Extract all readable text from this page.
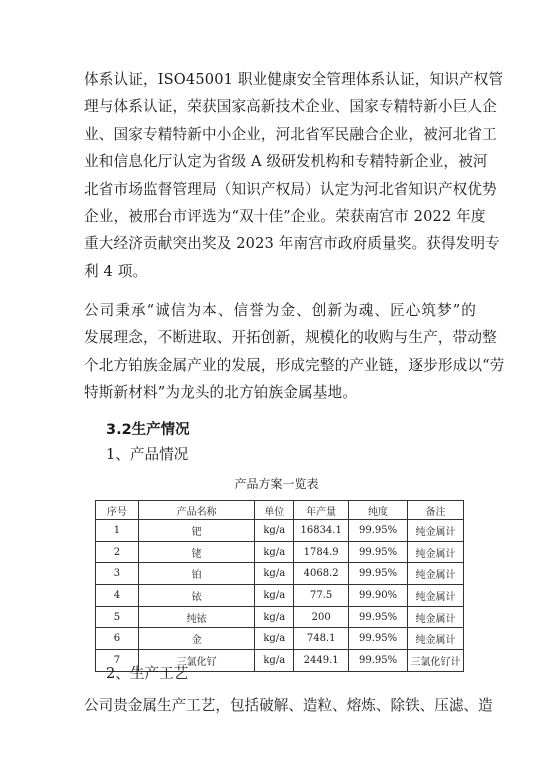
体系认证，ISO45001 职业健康安全管理体系认证，知识产权管
理与体系认证，荣获国家高新技术企业、国家专精特新小巨人企
业、国家专精特新中小企业，河北省军民融合企业，被河北省工
业和信息化厅认定为省级 A 级研发机构和专精特新企业，被河
北省市场监督管理局（知识产权局）认定为河北省知识产权优势
企业，被邢台市评选为“双十佳”企业。荣获南宫市 2022 年度
重大经济贡献突出奖及 2023 年南宫市政府质量奖。获得发明专
利 4 项。
公司秉承“诚信为本、信誉为金、创新为魂、匠心筑梦”的
发展理念，不断进取、开拓创新，规模化的收购与生产，带动整
个北方铂族金属产业的发展，形成完整的产业链，逐步形成以“劳
特斯新材料”为龙头的北方铂族金属基地。
3.2生产情况
1、产品情况
产品方案一览表
序号	产品名称	单位	年产量	纯度	备注
1	钯	kg/a	16834.1	99.95%	纯金属计
2	铑	kg/a	1784.9	99.95%	纯金属计
3	铂	kg/a	4068.2	99.95%	纯金属计
4	铱	kg/a	77.5	99.90%	纯金属计
5	纯铱	kg/a	200	99.95%	纯金属计
6	金	kg/a	748.1	99.95%	纯金属计
7	三氯化钌	kg/a	2449.1	99.95%	三氯化钌计
2、生产工艺
公司贵金属生产工艺，包括破解、造粒、熔炼、除铁、压滤、造
